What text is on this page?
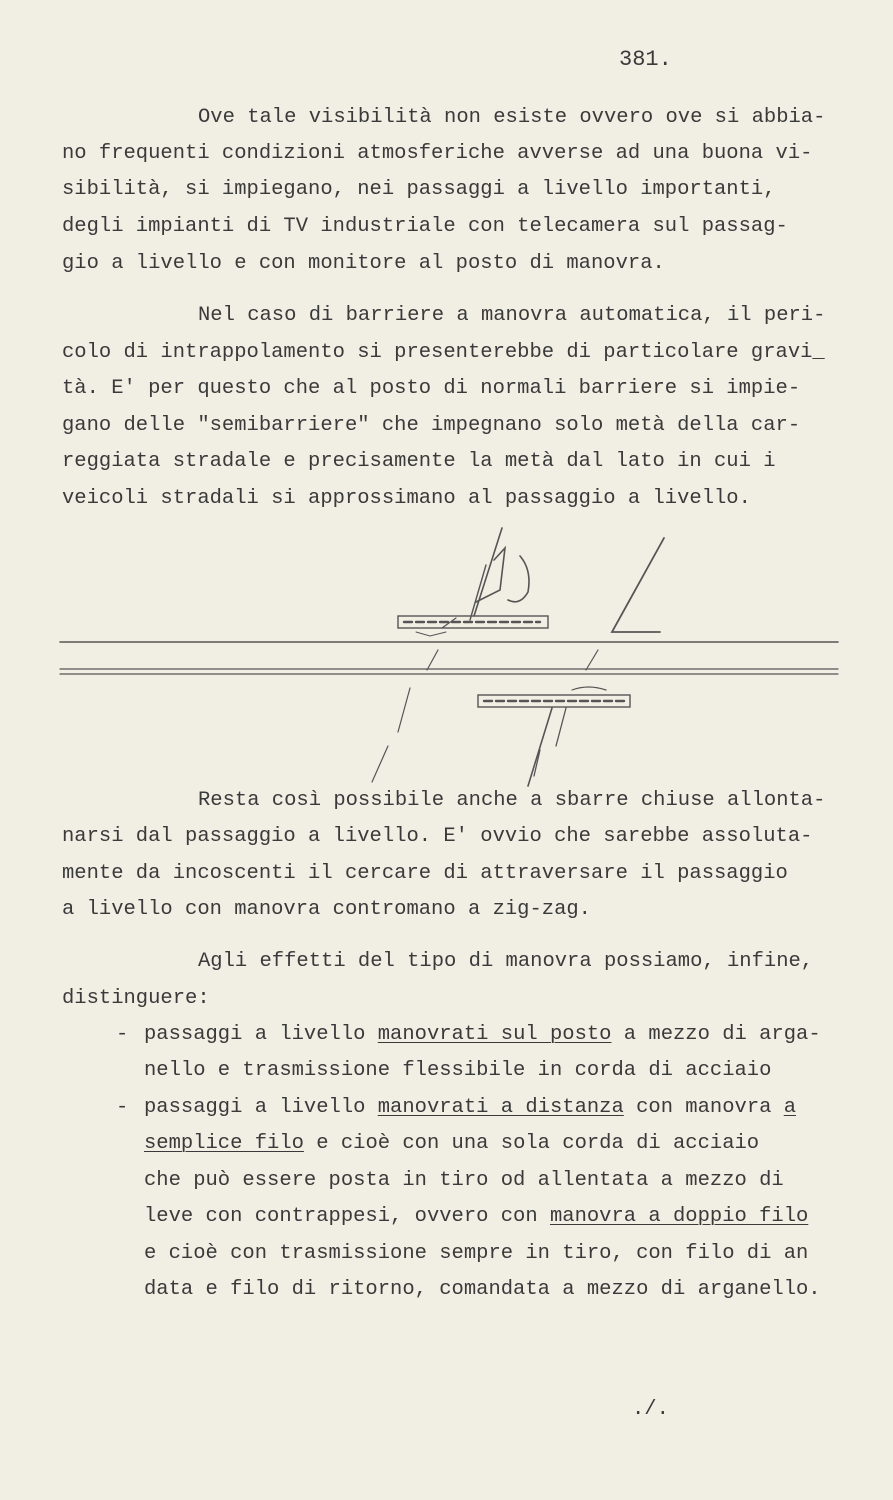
381.
Ove tale visibilità non esiste ovvero ove si abbia-
no frequenti condizioni atmosferiche avverse ad una buona vi-
sibilità, si impiegano, nei passaggi a livello importanti,
degli impianti di TV industriale con telecamera sul passag-
gio a livello e con monitore al posto di manovra.
Nel caso di barriere a manovra automatica, il peri-
colo di intrappolamento si presenterebbe di particolare gravi_
tà. E' per questo che al posto di normali barriere si impie-
gano delle "semibarriere" che impegnano solo metà della car-
reggiata stradale e precisamente la metà dal lato in cui i
veicoli stradali si approssimano al passaggio a livello.
Resta così possibile anche a sbarre chiuse allonta-
narsi dal passaggio a livello. E' ovvio che sarebbe assoluta-
mente da incoscenti il cercare di attraversare il passaggio
a livello con manovra contromano a zig-zag.
Agli effetti del tipo di manovra possiamo, infine,
distinguere:
- passaggi a livello manovrati sul posto a mezzo di arga-
nello e trasmissione flessibile in corda di acciaio
- passaggi a livello manovrati a distanza con manovra a
semplice filo e cioè con una sola corda di acciaio
che può essere posta in tiro od allentata a mezzo di
leve con contrappesi, ovvero con manovra a doppio filo
e cioè con trasmissione sempre in tiro, con filo di an
data e filo di ritorno, comandata a mezzo di arganello.
./.
